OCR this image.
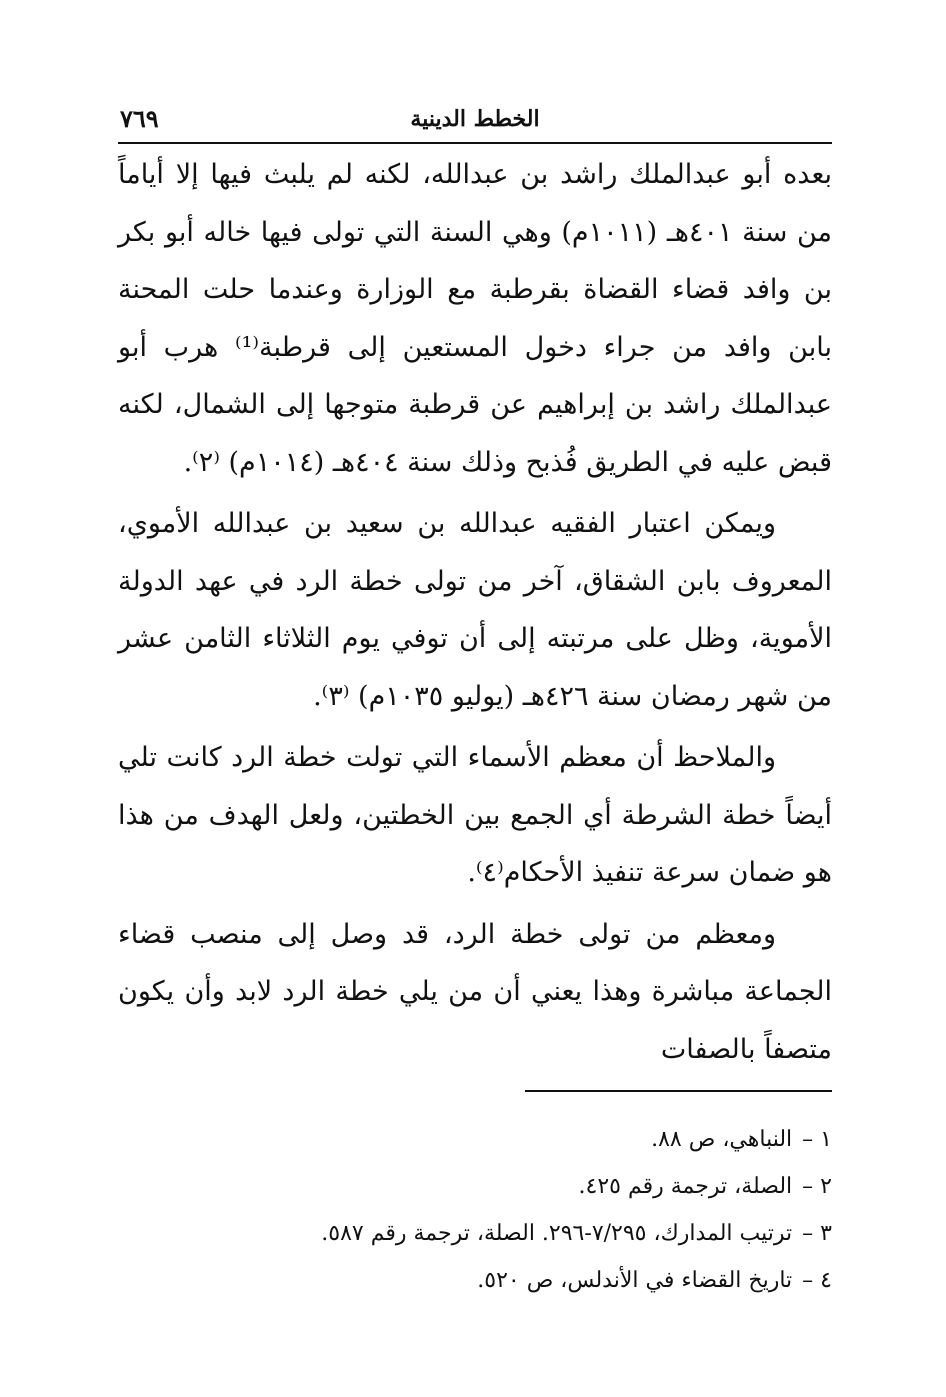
٧٦٩	الخطط الدينية

بعده أبو عبدالملك راشد بن عبدالله، لكنه لم يلبث فيها إلا أياماً من سنة ٤٠١هـ (١٠١١م) وهي السنة التي تولى فيها خاله أبو بكر بن وافد قضاء القضاة بقرطبة مع الوزارة وعندما حلت المحنة بابن وافد من جراء دخول المستعين إلى قرطبة⁽¹⁾ هرب أبو عبدالملك راشد بن إبراهيم عن قرطبة متوجها إلى الشمال، لكنه قبض عليه في الطريق فُذبح وذلك سنة ٤٠٤هـ (١٠١٤م) ⁽٢⁾.

ويمكن اعتبار الفقيه عبدالله بن سعيد بن عبدالله الأموي، المعروف بابن الشقاق، آخر من تولى خطة الرد في عهد الدولة الأموية، وظل على مرتبته إلى أن توفي يوم الثلاثاء الثامن عشر من شهر رمضان سنة ٤٢٦هـ (يوليو ١٠٣٥م) ⁽٣⁾.

والملاحظ أن معظم الأسماء التي تولت خطة الرد كانت تلي أيضاً خطة الشرطة أي الجمع بين الخطتين، ولعل الهدف من هذا هو ضمان سرعة تنفيذ الأحكام⁽٤⁾.

ومعظم من تولى خطة الرد، قد وصل إلى منصب قضاء الجماعة مباشرة وهذا يعني أن من يلي خطة الرد لابد وأن يكون متصفاً بالصفات

١ –النباهي، ص ٨٨.

٢ –الصلة، ترجمة رقم ٤٢٥.

٣ –ترتيب المدارك، ٧/٢٩٥-٢٩٦. الصلة، ترجمة رقم ٥٨٧.

٤ –تاريخ القضاء في الأندلس، ص ٥٢٠.
